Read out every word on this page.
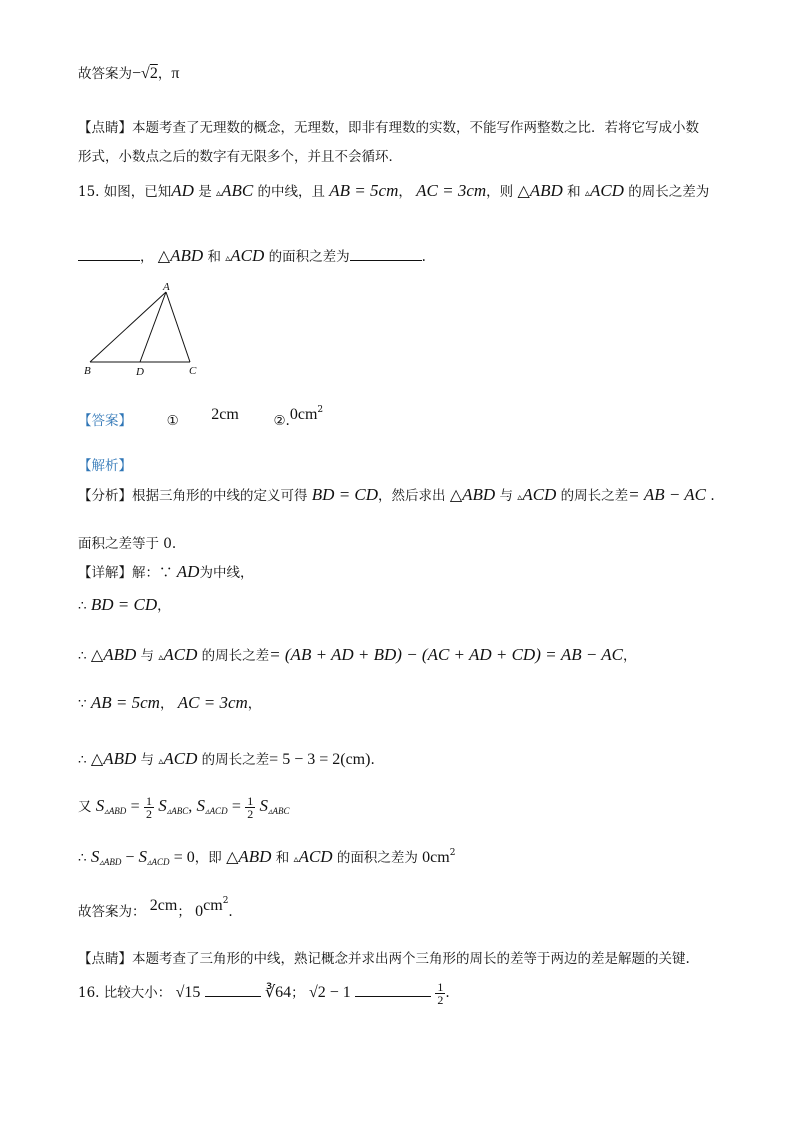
故答案为−√2，π
【点睛】本题考查了无理数的概念，无理数，即非有理数的实数，不能写作两整数之比．若将它写成小数
形式，小数点之后的数字有无限多个，并且不会循环．
15. 如图，已知AD 是 ▵ABC 的中线，且 AB = 5cm， AC = 3cm，则 △ABD 和 ▵ACD 的周长之差为
， △ABD 和 ▵ACD 的面积之差为	.
A
B	D	C
【答案】	① 2cm	$②.0cm^2$
【解析】
【分析】根据三角形的中线的定义可得 BD = CD，然后求出 △ABD 与 ▵ACD 的周长之差= AB − AC .
面积之差等于 0.
【详解】解：∵ AD为中线，
∴ BD = CD，
∴ △ABD 与 ▵ACD 的周长之差= (AB + AD + BD) − (AC + AD + CD) = AB − AC，
∵ AB = 5cm， AC = 3cm，
∴ △ABD 与 ▵ACD 的周长之差= 5 − 3 = 2(cm).
又 $S_{▵ABD} = \frac{1}{2} S_{▵ABC}$, $S_{▵ACD} = \frac{1}{2} S_{▵ABC}$
∴ $S_{▵ABD} - S_{▵ACD} = 0$，即 △ABD 和 ▵ACD 的面积之差为 $0cm^2$
故答案为： 2cm； $0cm^2$.
【点睛】本题考查了三角形的中线，熟记概念并求出两个三角形的周长的差等于两边的差是解题的关键.
16. 比较大小： √15	∛64； √2 − 1	$\frac{1}{2}$ .
